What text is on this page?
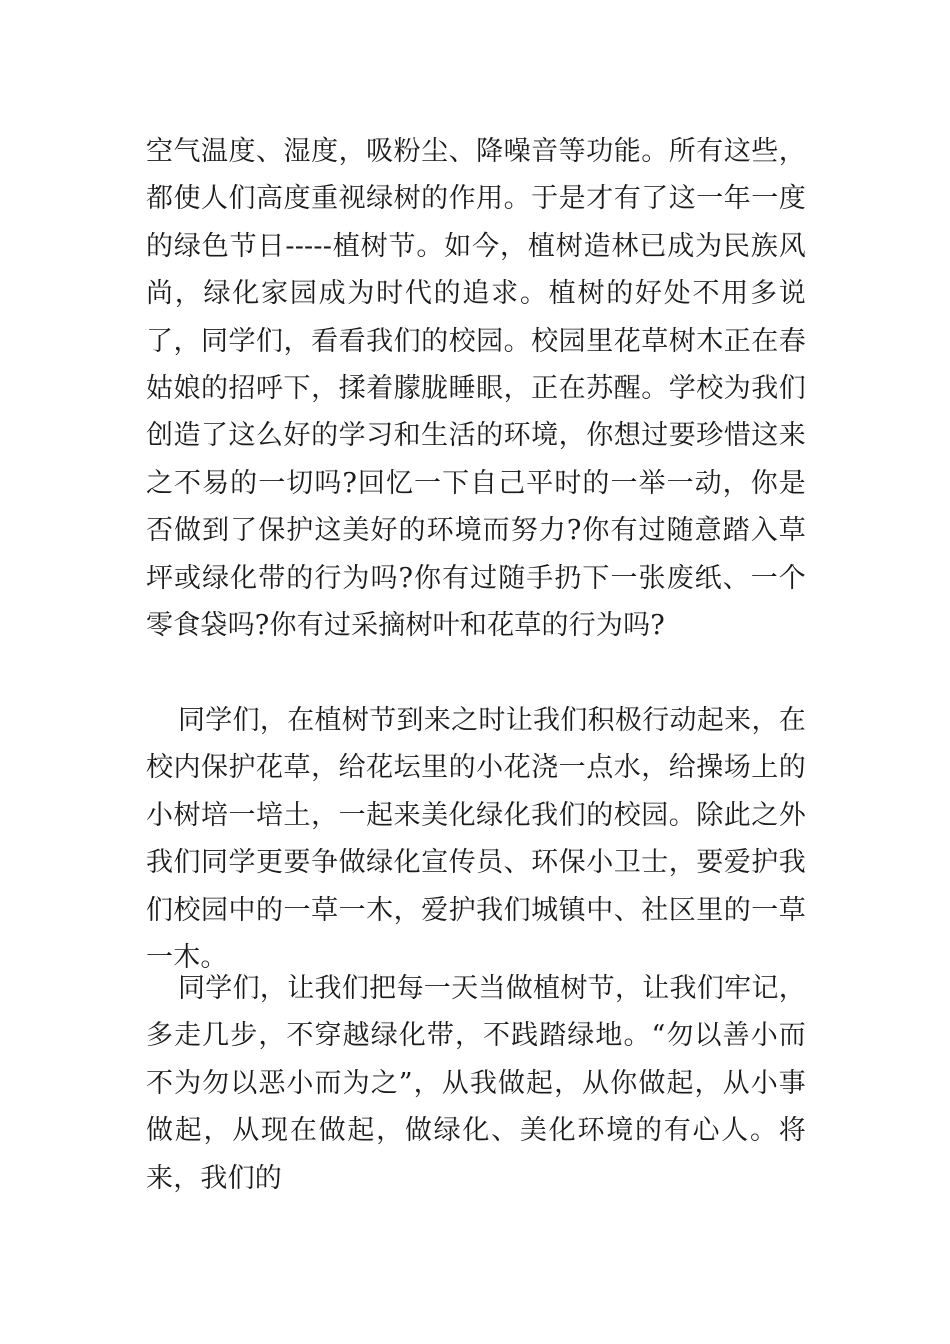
空气温度、湿度，吸粉尘、降噪音等功能。所有这些，都使人们高度重视绿树的作用。于是才有了这一年一度的绿色节日-----植树节。如今，植树造林已成为民族风尚，绿化家园成为时代的追求。植树的好处不用多说了，同学们，看看我们的校园。校园里花草树木正在春姑娘的招呼下，揉着朦胧睡眼，正在苏醒。学校为我们创造了这么好的学习和生活的环境，你想过要珍惜这来之不易的一切吗?回忆一下自己平时的一举一动，你是否做到了保护这美好的环境而努力?你有过随意踏入草坪或绿化带的行为吗?你有过随手扔下一张废纸、一个零食袋吗?你有过采摘树叶和花草的行为吗?

同学们，在植树节到来之时让我们积极行动起来，在校内保护花草，给花坛里的小花浇一点水，给操场上的小树培一培土，一起来美化绿化我们的校园。除此之外我们同学更要争做绿化宣传员、环保小卫士，要爱护我们校园中的一草一木，爱护我们城镇中、社区里的一草一木。

同学们，让我们把每一天当做植树节，让我们牢记，多走几步，不穿越绿化带，不践踏绿地。“勿以善小而不为勿以恶小而为之”，从我做起，从你做起，从小事做起，从现在做起，做绿化、美化环境的有心人。将来，我们的
